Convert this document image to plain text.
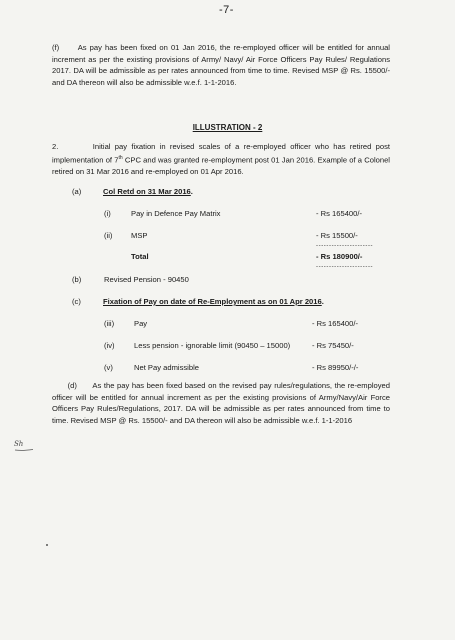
-7-
(f) As pay has been fixed on 01 Jan 2016, the re-employed officer will be entitled for annual increment as per the existing provisions of Army/ Navy/ Air Force Officers Pay Rules/ Regulations 2017. DA will be admissible as per rates announced from time to time. Revised MSP @ Rs. 15500/- and DA thereon will also be admissible w.e.f. 1-1-2016.
ILLUSTRATION - 2
2.	Initial pay fixation in revised scales of a re-employed officer who has retired post implementation of 7th CPC and was granted re-employment post 01 Jan 2016. Example of a Colonel retired on 31 Mar 2016 and re-employed on 01 Apr 2016.
(a)	Col Retd on 31 Mar 2016.
(i)	Pay in Defence Pay Matrix	- Rs 165400/-
(ii) MSP	- Rs 15500/-
----------------------
Total	- Rs 180900/-
----------------------
(b)	Revised Pension - 90450
(c)	Fixation of Pay on date of Re-Employment as on 01 Apr 2016.
(iii)	Pay	- Rs 165400/-
(iv)	Less pension - ignorable limit (90450 – 15000)	- Rs 75450/-
(v)	Net Pay admissible	- Rs 89950/-/-
(d) As the pay has been fixed based on the revised pay rules/regulations, the re-employed officer will be entitled for annual increment as per the existing provisions of Army/Navy/Air Force Officers Pay Rules/Regulations, 2017. DA will be admissible as per rates announced from time to time. Revised MSP @ Rs. 15500/- and DA thereon will also be admissible w.e.f. 1-1-2016
Sh
